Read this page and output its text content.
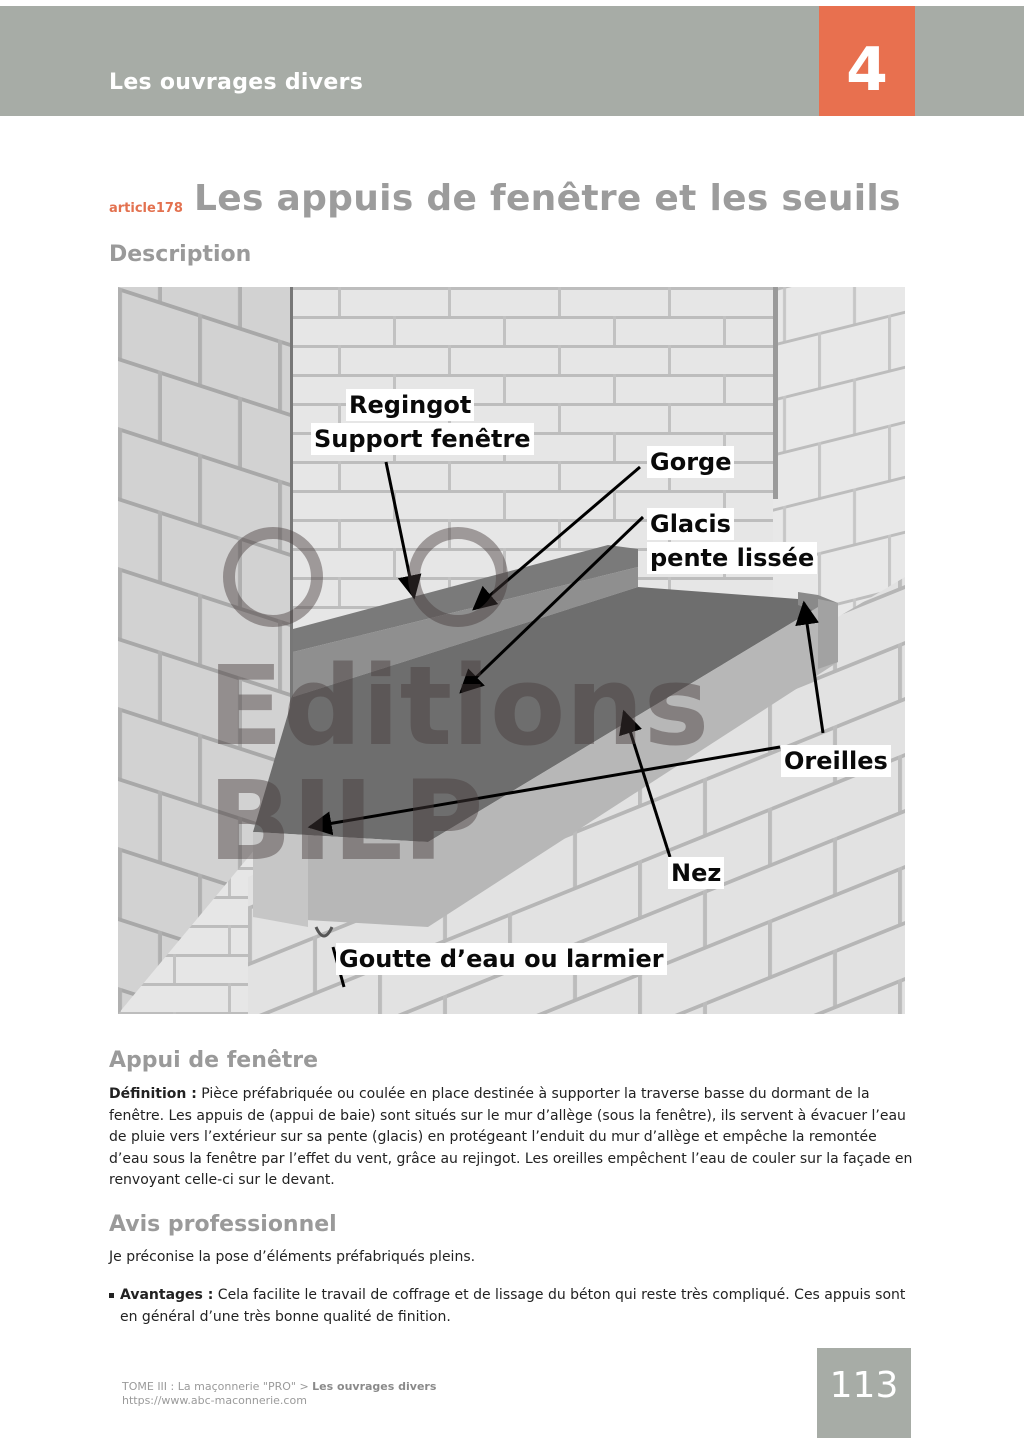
Les ouvrages divers	4
article178 Les appuis de fenêtre et les seuils
Description
Editions
BILP
Regingot
Support fenêtre
Gorge
Glacis
pente lissée
Oreilles
Nez
Goutte d’eau ou larmier
Appui de fenêtre
Définition : Pièce préfabriquée ou coulée en place destinée à supporter la traverse basse du dormant de la fenêtre. Les appuis de (appui de baie) sont situés sur le mur d’allège (sous la fenêtre), ils servent à évacuer l’eau de pluie vers l’extérieur sur sa pente (glacis) en protégeant l’enduit du mur d’allège et empêche la remontée d’eau sous la fenêtre par l’effet du vent, grâce au rejingot. Les oreilles empêchent l’eau de couler sur la façade en renvoyant celle-ci sur le devant.
Avis professionnel
Je préconise la pose d’éléments préfabriqués pleins.
Avantages : Cela facilite le travail de coffrage et de lissage du béton qui reste très compliqué. Ces appuis sont en général d’une très bonne qualité de finition.
TOME III : La maçonnerie "PRO" > Les ouvrages divers
https://www.abc-maconnerie.com	113
